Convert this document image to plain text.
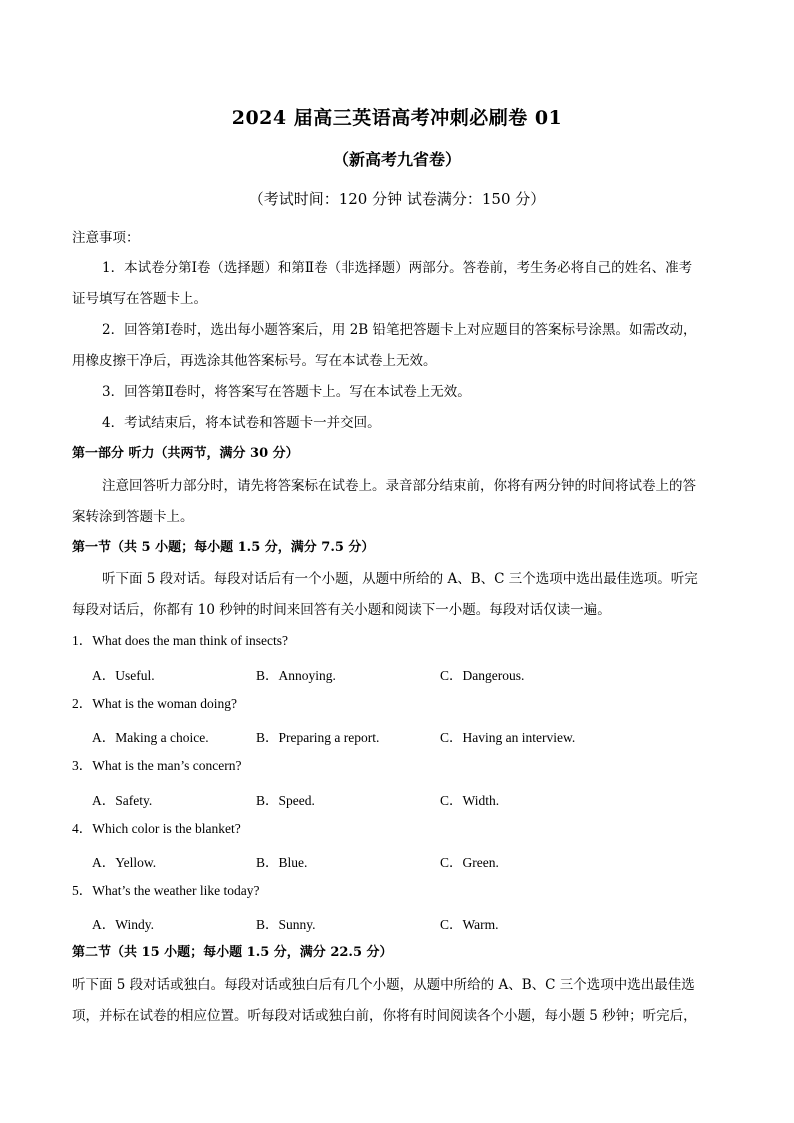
2024 届高三英语高考冲刺必刷卷 01
（新高考九省卷）
（考试时间：120 分钟 试卷满分：150 分）
注意事项：
1．本试卷分第Ⅰ卷（选择题）和第Ⅱ卷（非选择题）两部分。答卷前，考生务必将自己的姓名、准考
证号填写在答题卡上。
2．回答第Ⅰ卷时，选出每小题答案后，用 2B 铅笔把答题卡上对应题目的答案标号涂黑。如需改动，
用橡皮擦干净后，再选涂其他答案标号。写在本试卷上无效。
3．回答第Ⅱ卷时，将答案写在答题卡上。写在本试卷上无效。
4．考试结束后，将本试卷和答题卡一并交回。
第一部分 听力（共两节，满分 30 分）
注意回答听力部分时，请先将答案标在试卷上。录音部分结束前，你将有两分钟的时间将试卷上的答
案转涂到答题卡上。
第一节（共 5 小题；每小题 1.5 分，满分 7.5 分）
听下面 5 段对话。每段对话后有一个小题，从题中所给的 A、B、C 三个选项中选出最佳选项。听完
每段对话后，你都有 10 秒钟的时间来回答有关小题和阅读下一小题。每段对话仅读一遍。
1．What does the man think of insects?
A．Useful.	B．Annoying.	C．Dangerous.
2．What is the woman doing?
A．Making a choice.	B．Preparing a report.	C．Having an interview.
3．What is the man’s concern?
A．Safety.	B．Speed.	C．Width.
4．Which color is the blanket?
A．Yellow.	B．Blue.	C．Green.
5．What’s the weather like today?
A．Windy.	B．Sunny.	C．Warm.
第二节（共 15 小题；每小题 1.5 分，满分 22.5 分）
听下面 5 段对话或独白。每段对话或独白后有几个小题，从题中所给的 A、B、C 三个选项中选出最佳选
项，并标在试卷的相应位置。听每段对话或独白前，你将有时间阅读各个小题，每小题 5 秒钟；听完后，
